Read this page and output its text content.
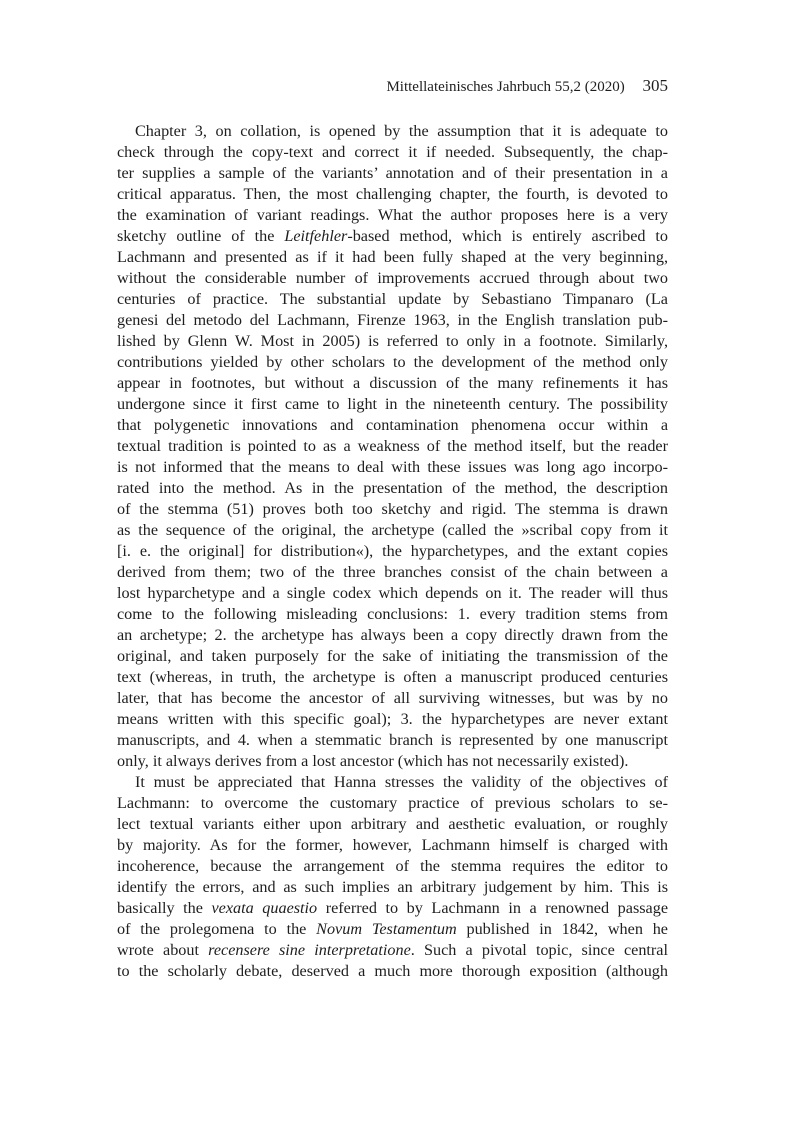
Mittellateinisches Jahrbuch 55,2 (2020) 305
Chapter 3, on collation, is opened by the assumption that it is adequate to
check through the copy-text and correct it if needed. Subsequently, the chap-
ter supplies a sample of the variants’ annotation and of their presentation in a
critical apparatus. Then, the most challenging chapter, the fourth, is devoted to
the examination of variant readings. What the author proposes here is a very
sketchy outline of the Leitfehler-based method, which is entirely ascribed to
Lachmann and presented as if it had been fully shaped at the very beginning,
without the considerable number of improvements accrued through about two
centuries of practice. The substantial update by Sebastiano Timpanaro (La
genesi del metodo del Lachmann, Firenze 1963, in the English translation pub-
lished by Glenn W. Most in 2005) is referred to only in a footnote. Similarly,
contributions yielded by other scholars to the development of the method only
appear in footnotes, but without a discussion of the many refinements it has
undergone since it first came to light in the nineteenth century. The possibility
that polygenetic innovations and contamination phenomena occur within a
textual tradition is pointed to as a weakness of the method itself, but the reader
is not informed that the means to deal with these issues was long ago incorpo-
rated into the method. As in the presentation of the method, the description
of the stemma (51) proves both too sketchy and rigid. The stemma is drawn
as the sequence of the original, the archetype (called the »scribal copy from it
[i. e. the original] for distribution«), the hyparchetypes, and the extant copies
derived from them; two of the three branches consist of the chain between a
lost hyparchetype and a single codex which depends on it. The reader will thus
come to the following misleading conclusions: 1. every tradition stems from
an archetype; 2. the archetype has always been a copy directly drawn from the
original, and taken purposely for the sake of initiating the transmission of the
text (whereas, in truth, the archetype is often a manuscript produced centuries
later, that has become the ancestor of all surviving witnesses, but was by no
means written with this specific goal); 3. the hyparchetypes are never extant
manuscripts, and 4. when a stemmatic branch is represented by one manuscript
only, it always derives from a lost ancestor (which has not necessarily existed).
It must be appreciated that Hanna stresses the validity of the objectives of
Lachmann: to overcome the customary practice of previous scholars to se-
lect textual variants either upon arbitrary and aesthetic evaluation, or roughly
by majority. As for the former, however, Lachmann himself is charged with
incoherence, because the arrangement of the stemma requires the editor to
identify the errors, and as such implies an arbitrary judgement by him. This is
basically the vexata quaestio referred to by Lachmann in a renowned passage
of the prolegomena to the Novum Testamentum published in 1842, when he
wrote about recensere sine interpretatione. Such a pivotal topic, since central
to the scholarly debate, deserved a much more thorough exposition (although
